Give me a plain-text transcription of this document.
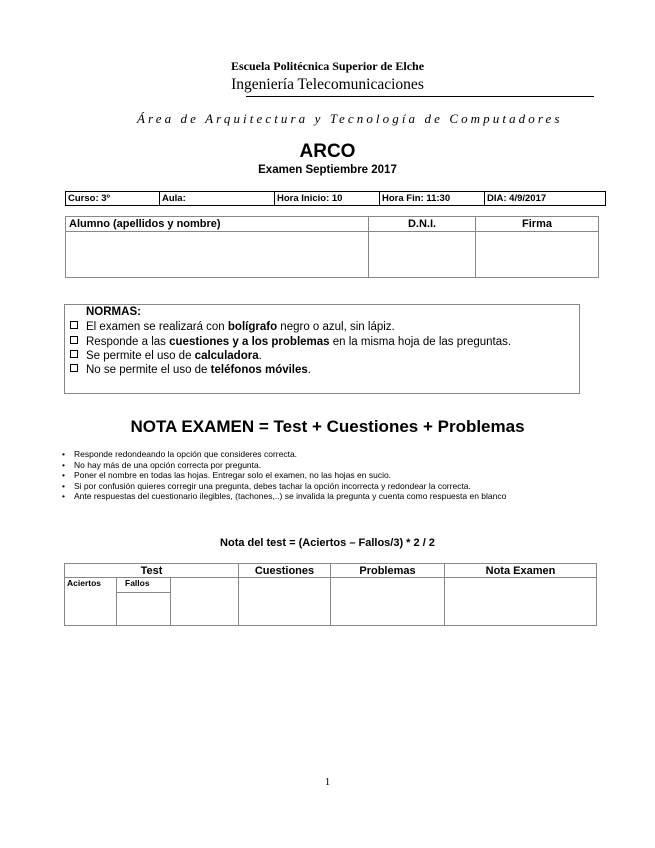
Escuela Politécnica Superior de Elche
Ingeniería Telecomunicaciones
Área de Arquitectura y Tecnología de Computadores
ARCO
Examen Septiembre 2017
Curso: 3º	Aula:	Hora Inicio: 10	Hora Fin: 11:30	DIA: 4/9/2017
Alumno (apellidos y nombre)	D.N.I.	Firma

NORMAS:
El examen se realizará con bolígrafo negro o azul, sin lápiz.
Responde a las cuestiones y a los problemas en la misma hoja de las preguntas.
Se permite el uso de calculadora.
No se permite el uso de teléfonos móviles.
NOTA EXAMEN = Test + Cuestiones + Problemas
• Responde redondeando la opción que consideres correcta.
• No hay más de una opción correcta por pregunta.
• Poner el nombre en todas las hojas. Entregar solo el examen, no las hojas en sucio.
• Si por confusión quieres corregir una pregunta, debes tachar la opción incorrecta y redondear la correcta.
• Ante respuestas del cuestionario ilegibles, (tachones,..) se invalida la pregunta y cuenta como respuesta en blanco
Nota del test = (Aciertos – Fallos/3) * 2 / 2
Test			Cuestiones	Problemas	Nota Examen
Aciertos	Fallos				

1
